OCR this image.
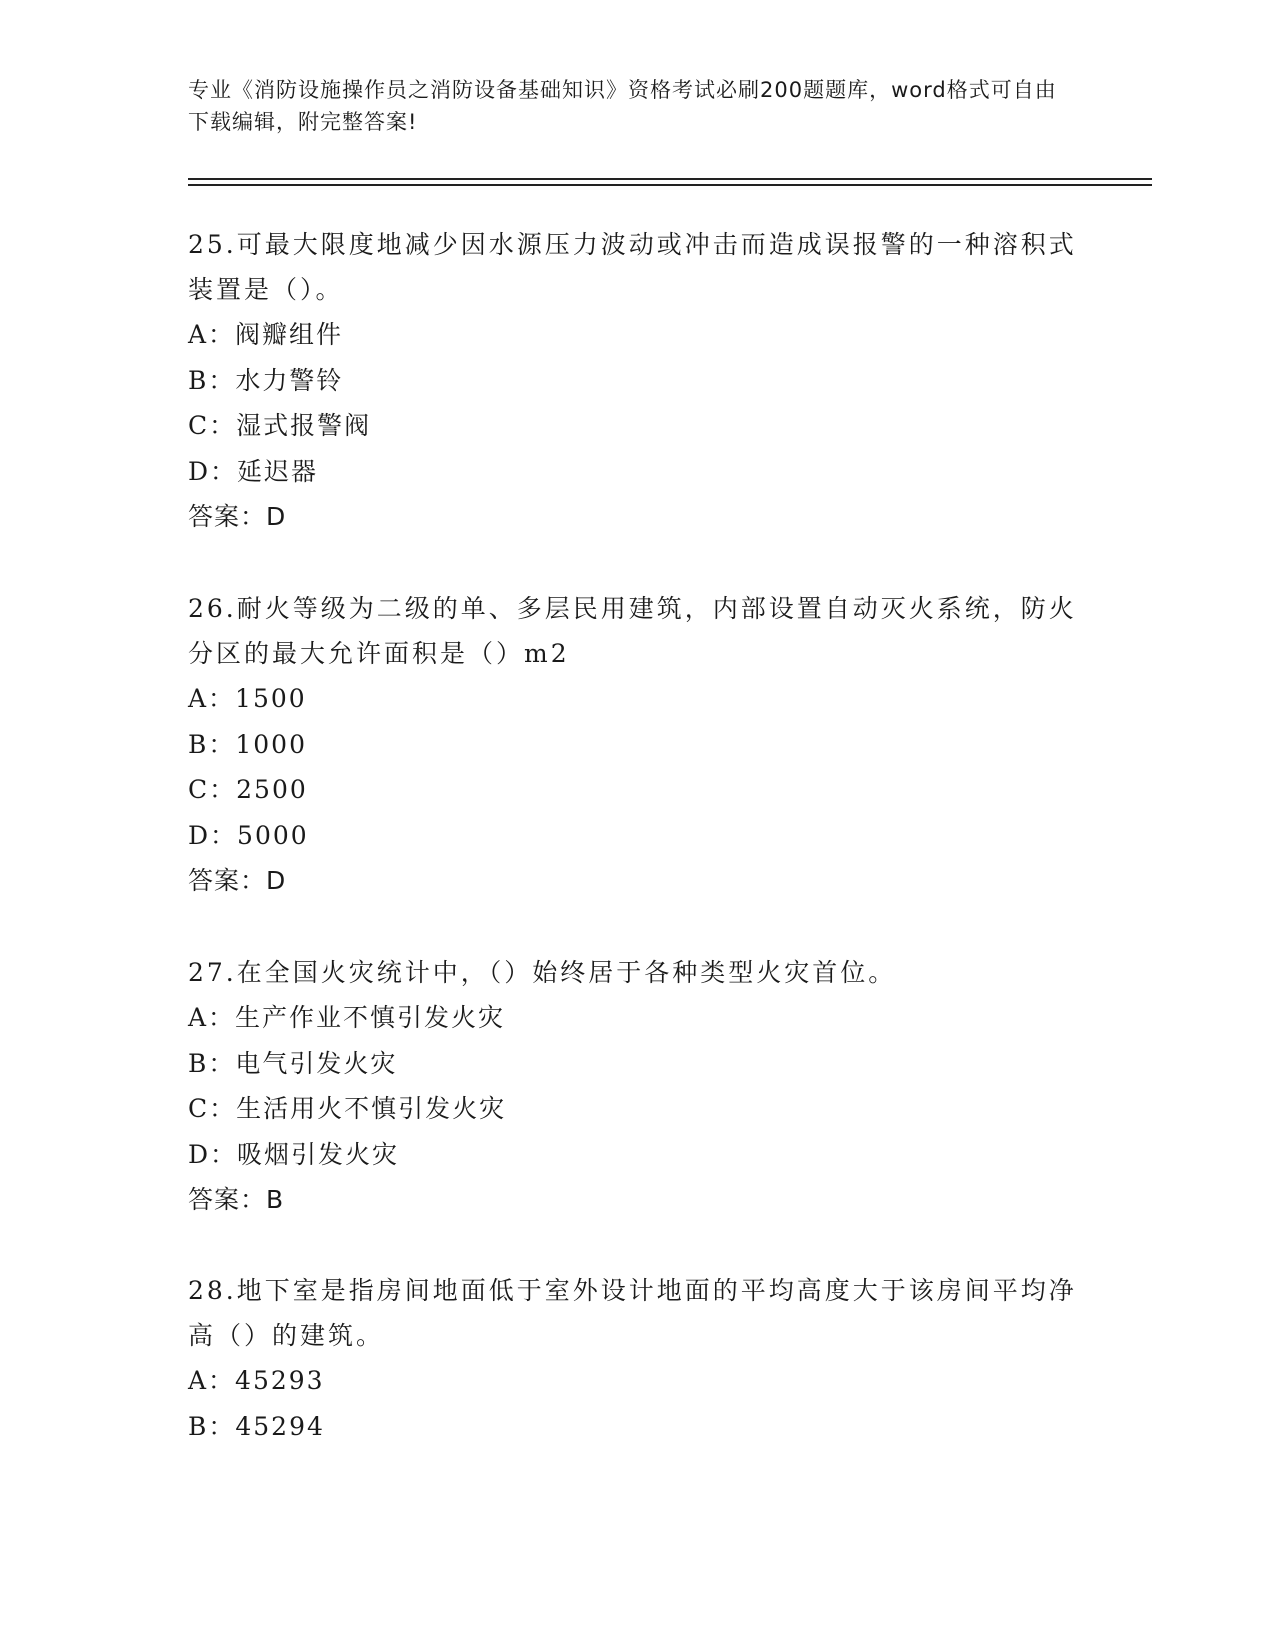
专业《消防设施操作员之消防设备基础知识》资格考试必刷200题题库，word格式可自由下载编辑，附完整答案!

25.可最大限度地减少因水源压力波动或冲击而造成误报警的一种溶积式装置是（）。

A：阀瓣组件

B：水力警铃

C：湿式报警阀

D：延迟器

答案：D

26.耐火等级为二级的单、多层民用建筑，内部设置自动灭火系统，防火分区的最大允许面积是（）m2

A：1500

B：1000

C：2500

D：5000

答案：D

27.在全国火灾统计中，（）始终居于各种类型火灾首位。

A：生产作业不慎引发火灾

B：电气引发火灾

C：生活用火不慎引发火灾

D：吸烟引发火灾

答案：B

28.地下室是指房间地面低于室外设计地面的平均高度大于该房间平均净高（）的建筑。

A：45293

B：45294
